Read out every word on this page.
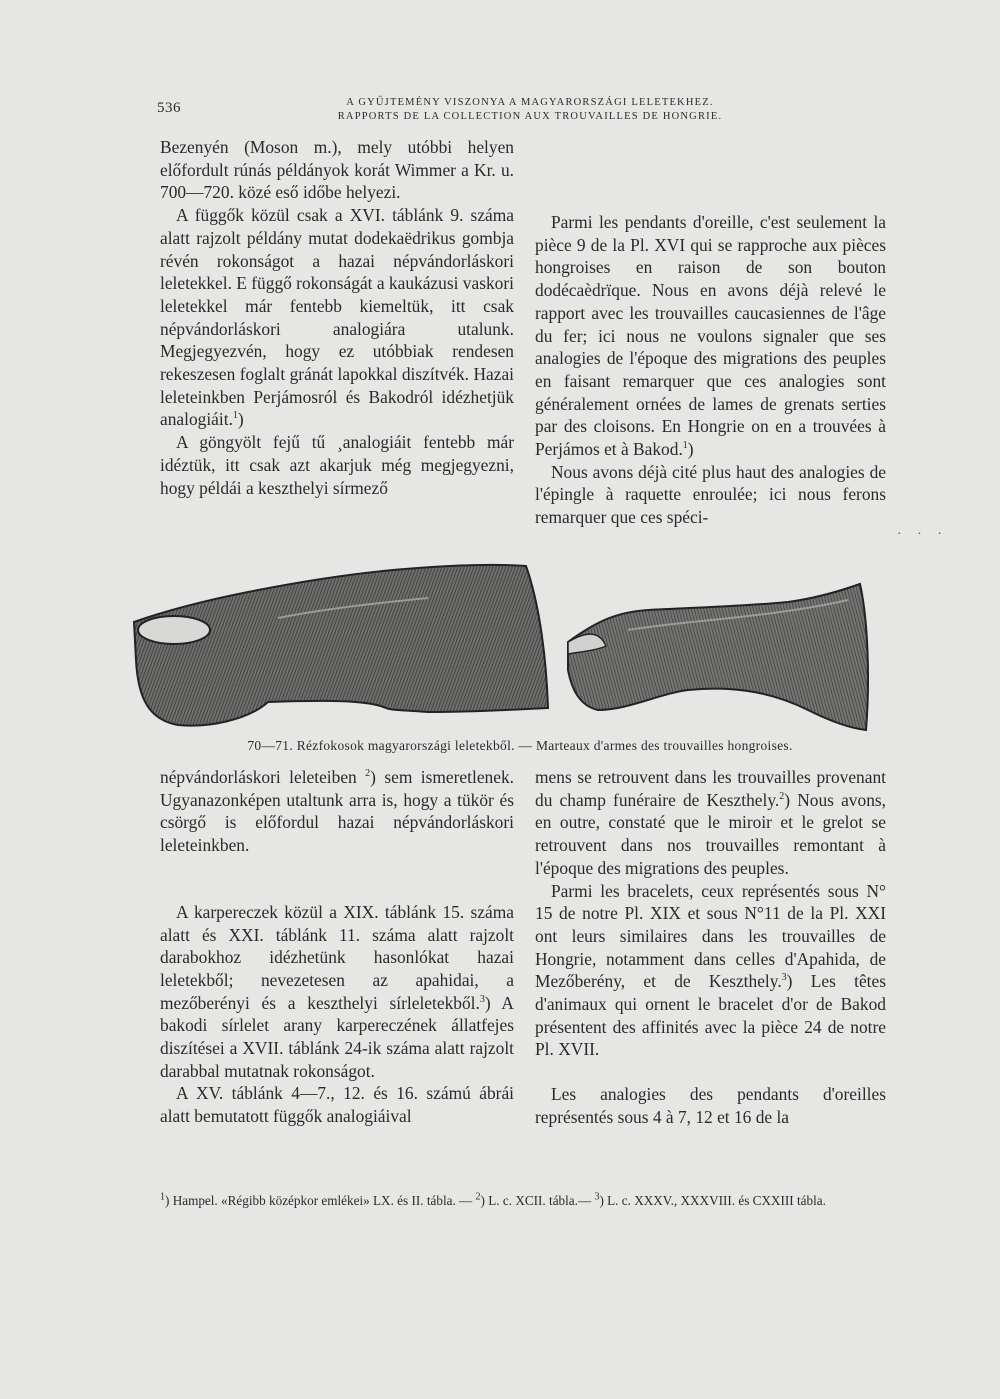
536	A GYŰJTEMÉNY VISZONYA A MAGYARORSZÁGI LELETEKHEZ.
RAPPORTS DE LA COLLECTION AUX TROUVAILLES DE HONGRIE.

Bezenyén (Moson m.), mely utóbbi helyen előfordult rúnás példányok korát Wimmer a Kr. u. 700—720. közé eső időbe helyezi.

A függők közül csak a XVI. táblánk 9. száma alatt rajzolt példány mutat dodekaëdrikus gombja révén rokonságot a hazai népvándorláskori leletekkel. E függő rokonságát a kaukázusi vaskori leletekkel már fentebb kiemeltük, itt csak népvándorláskori analogiára utalunk. Megjegyezvén, hogy ez utóbbiak rendesen rekeszesen foglalt gránát lapokkal diszítvék. Hazai leleteinkben Perjámosról és Bakodról idézhetjük analogiáit.$^1$)

A göngyölt fejű tű ¸analogiáit fentebb már idéztük, itt csak azt akarjuk még megjegyezni, hogy példái a keszthelyi sírmező

Parmi les pendants d'oreille, c'est seulement la pièce 9 de la Pl. XVI qui se rapproche aux pièces hongroises en raison de son bouton dodécaèdrïque. Nous en avons déjà relevé le rapport avec les trouvailles caucasiennes de l'âge du fer; ici nous ne voulons signaler que ses analogies de l'époque des migrations des peuples en faisant remarquer que ces analogies sont généralement ornées de lames de grenats serties par des cloisons. En Hongrie on en a trouvées à Perjámos et à Bakod.$^1$)

Nous avons déjà cité plus haut des analogies de l'épingle à raquette enroulée; ici nous ferons remarquer que ces spéci-

· · ·
70—71. Rézfokosok magyarországi leletekből. — Marteaux d'armes des trouvailles hongroises.

népvándorláskori leleteiben $^2$) sem ismeretlenek. Ugyanazonképen utaltunk arra is, hogy a tükör és csörgő is előfordul hazai népvándorláskori leleteinkben.

A karpereczek közül a XIX. táblánk 15. száma alatt és XXI. táblánk 11. száma alatt rajzolt darabokhoz idézhetünk hasonlókat hazai leletekből; nevezetesen az apahidai, a mezőberényi és a keszthelyi sírleletekből.$^3$) A bakodi sírlelet arany karpereczének állatfejes diszítései a XVII. táblánk 24-ik száma alatt rajzolt darabbal mutatnak rokonságot.

A XV. táblánk 4—7., 12. és 16. számú ábrái alatt bemutatott függők analogiáival

mens se retrouvent dans les trouvailles provenant du champ funéraire de Keszthely.$^2$) Nous avons, en outre, constaté que le miroir et le grelot se retrouvent dans nos trouvailles remontant à l'époque des migrations des peuples.

Parmi les bracelets, ceux représentés sous N° 15 de notre Pl. XIX et sous N°11 de la Pl. XXI ont leurs similaires dans les trouvailles de Hongrie, notamment dans celles d'Apahida, de Mezőberény, et de Keszthely.$^3$) Les têtes d'animaux qui ornent le bracelet d'or de Bakod présentent des affinités avec la pièce 24 de notre Pl. XVII.

Les analogies des pendants d'oreilles représentés sous 4 à 7, 12 et 16 de la

$^1$) Hampel. «Régibb középkor emlékei» LX. és II. tábla. — $^2$) L. c. XCII. tábla.— $^3$) L. c. XXXV., XXXVIII. és CXXIII tábla.
